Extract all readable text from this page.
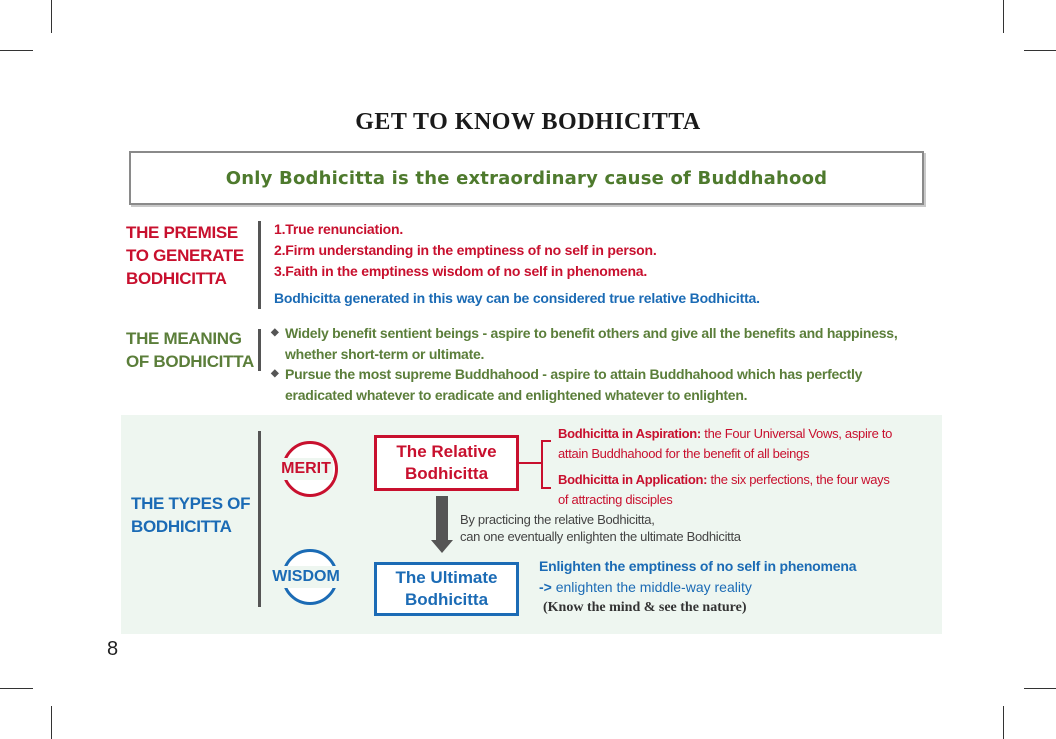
GET TO KNOW BODHICITTA
Only Bodhicitta is the extraordinary cause of Buddhahood
THE PREMISE
TO GENERATE
BODHICITTA
1.True renunciation.
2.Firm understanding in the emptiness of no self in person.
3.Faith in the emptiness wisdom of no self in phenomena.
Bodhicitta generated in this way can be considered true relative Bodhicitta.
THE MEANING
OF BODHICITTA
◆ Widely benefit sentient beings - aspire to benefit others and give all the benefits and happiness,
whether short-term or ultimate.
◆ Pursue the most supreme Buddhahood - aspire to attain Buddhahood which has perfectly
eradicated whatever to eradicate and enlightened whatever to enlighten.
THE TYPES OF
BODHICITTA
MERIT
WISDOM
The Relative
Bodhicitta
Bodhicitta in Aspiration: the Four Universal Vows, aspire to
attain Buddhahood for the benefit of all beings
Bodhicitta in Application: the six perfections, the four ways
of attracting disciples
By practicing the relative Bodhicitta,
can one eventually enlighten the ultimate Bodhicitta
The Ultimate
Bodhicitta
Enlighten the emptiness of no self in phenomena
-> enlighten the middle-way reality
(Know the mind & see the nature)
8
